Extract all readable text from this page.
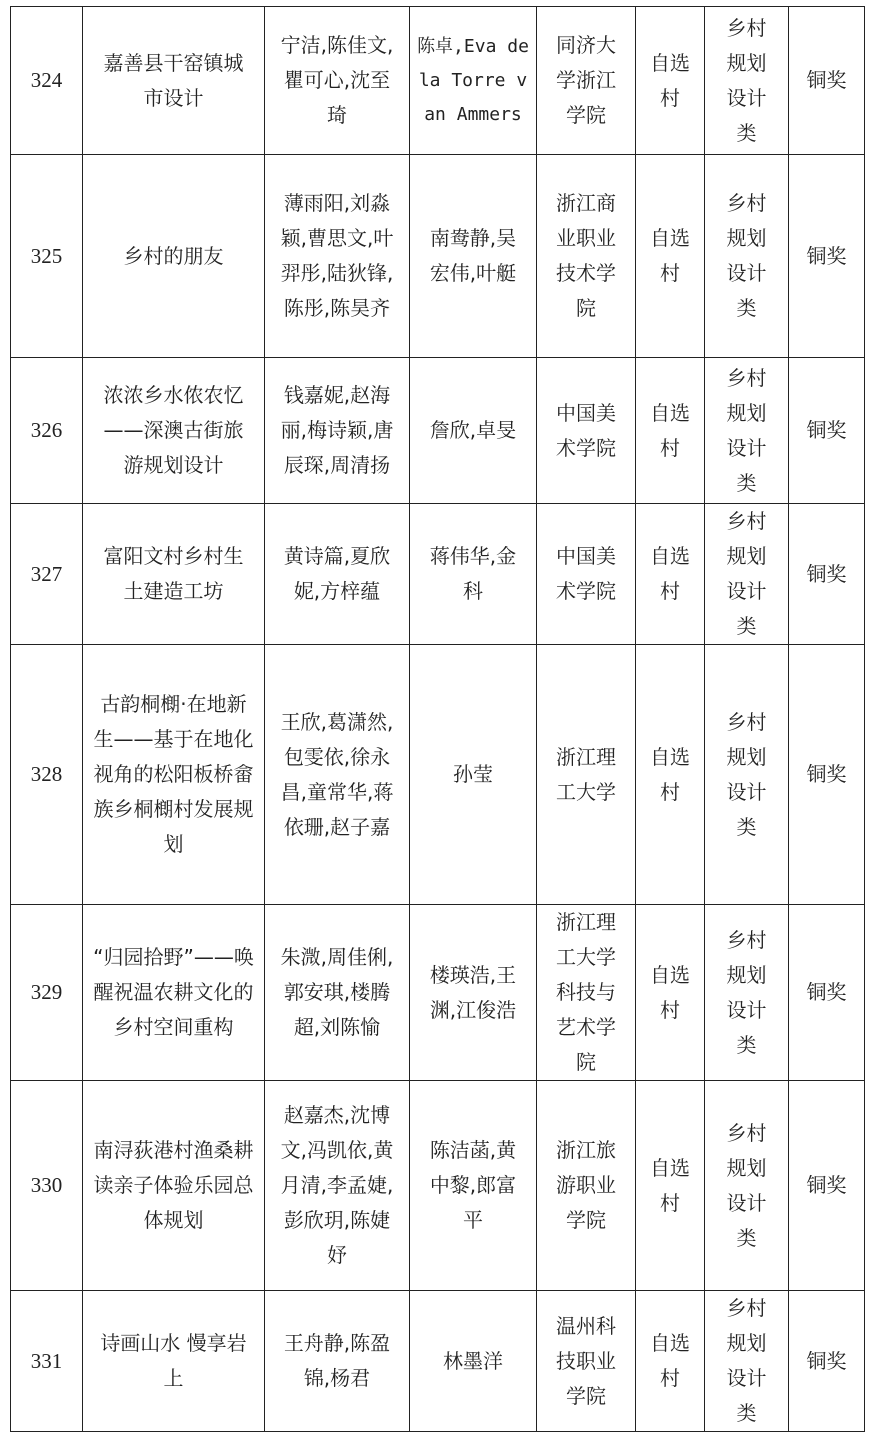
324	嘉善县干窑镇城市设计	宁洁,陈佳文,瞿可心,沈至琦	陈卓,Eva de la Torre van Ammers	同济大学浙江学院	自选村	乡村规划设计类	铜奖
325	乡村的朋友	薄雨阳,刘淼颖,曹思文,叶羿彤,陆狄锋,陈彤,陈昊齐	南鸯静,吴宏伟,叶艇	浙江商业职业技术学院	自选村	乡村规划设计类	铜奖
326	浓浓乡水侬农忆——深澳古街旅游规划设计	钱嘉妮,赵海丽,梅诗颖,唐辰琛,周清扬	詹欣,卓旻	中国美术学院	自选村	乡村规划设计类	铜奖
327	富阳文村乡村生土建造工坊	黄诗篇,夏欣妮,方梓蕴	蒋伟华,金科	中国美术学院	自选村	乡村规划设计类	铜奖
328	古韵桐樃·在地新生——基于在地化视角的松阳板桥畲族乡桐樃村发展规划	王欣,葛潇然,包雯依,徐永昌,童常华,蒋依珊,赵子嘉	孙莹	浙江理工大学	自选村	乡村规划设计类	铜奖
329	“归园拾野”——唤醒祝温农耕文化的乡村空间重构	朱溦,周佳俐,郭安琪,楼腾超,刘陈愉	楼瑛浩,王渊,江俊浩	浙江理工大学科技与艺术学院	自选村	乡村规划设计类	铜奖
330	南浔荻港村渔桑耕读亲子体验乐园总体规划	赵嘉杰,沈博文,冯凯依,黄月清,李孟婕,彭欣玥,陈婕妤	陈洁菡,黄中黎,郎富平	浙江旅游职业学院	自选村	乡村规划设计类	铜奖
331	诗画山水 慢享岩上	王舟静,陈盈锦,杨君	林墨洋	温州科技职业学院	自选村	乡村规划设计类	铜奖
